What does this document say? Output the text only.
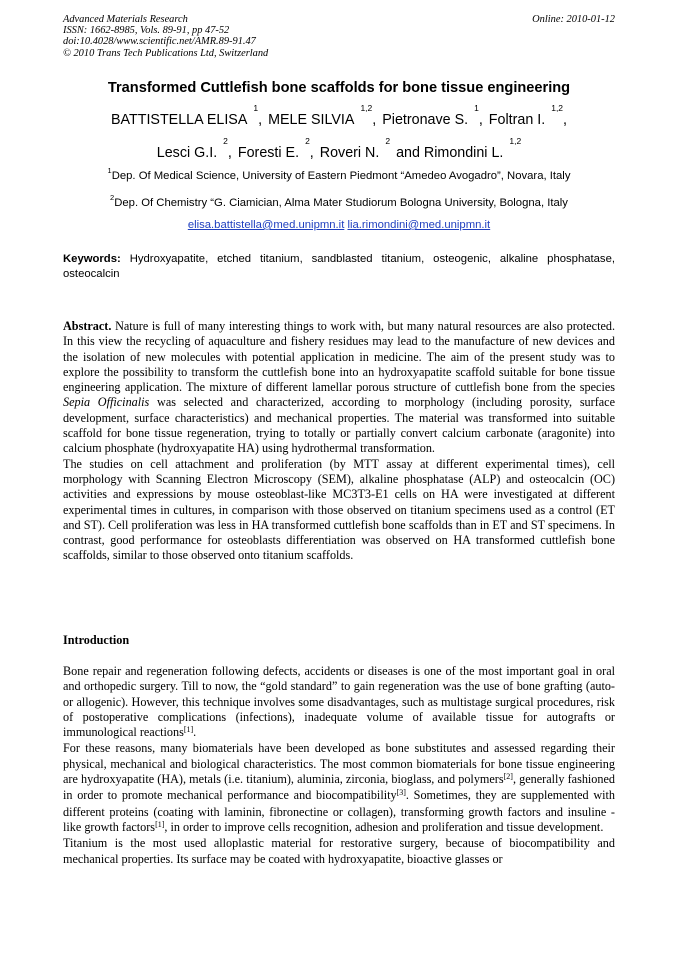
Advanced Materials Research
ISSN: 1662-8985, Vols. 89-91, pp 47-52
doi:10.4028/www.scientific.net/AMR.89-91.47
© 2010 Trans Tech Publications Ltd, Switzerland
Online: 2010-01-12
Transformed Cuttlefish bone scaffolds for bone tissue engineering
BATTISTELLA ELISA$^1$, MELE SILVIA$^{1,2}$, Pietronave S.$^1$, Foltran I.$^{1,2}$,
Lesci G.I.$^2$, Foresti E.$^2$, Roveri N.$^2$ and Rimondini L.$^{1,2}$
$^1$Dep. Of Medical Science, University of Eastern Piedmont “Amedeo Avogadro”, Novara, Italy
$^2$Dep. Of Chemistry “G. Ciamician, Alma Mater Studiorum Bologna University, Bologna, Italy
elisa.battistella@med.unipmn.it lia.rimondini@med.unipmn.it
Keywords: Hydroxyapatite, etched titanium, sandblasted titanium, osteogenic, alkaline phosphatase, osteocalcin

Abstract. Nature is full of many interesting things to work with, but many natural resources are also protected. In this view the recycling of aquaculture and fishery residues may lead to the manufacture of new devices and the isolation of new molecules with potential application in medicine. The aim of the present study was to explore the possibility to transform the cuttlefish bone into an hydroxyapatite scaffold suitable for bone tissue engineering application. The mixture of different lamellar porous structure of cuttlefish bone from the species Sepia Officinalis was selected and characterized, according to morphology (including porosity, surface development, surface characteristics) and mechanical properties. The material was transformed into suitable scaffold for bone tissue regeneration, trying to totally or partially convert calcium carbonate (aragonite) into calcium phosphate (hydroxyapatite HA) using hydrothermal transformation.

The studies on cell attachment and proliferation (by MTT assay at different experimental times), cell morphology with Scanning Electron Microscopy (SEM), alkaline phosphatase (ALP) and osteocalcin (OC) activities and expressions by mouse osteoblast-like MC3T3-E1 cells on HA were investigated at different experimental times in cultures, in comparison with those observed on titanium specimens used as a control (ET and ST). Cell proliferation was less in HA transformed cuttlefish bone scaffolds than in ET and ST specimens. In contrast, good performance for osteoblasts differentiation was observed on HA transformed cuttlefish bone scaffolds, similar to those observed onto titanium scaffolds.

Introduction

Bone repair and regeneration following defects, accidents or diseases is one of the most important goal in oral and orthopedic surgery. Till to now, the “gold standard” to gain regeneration was the use of bone grafting (auto- or allogenic). However, this technique involves some disadvantages, such as multistage surgical procedures, risk of postoperative complications (infections), inadequate volume of available tissue for autografts or immunological reactions[1].

For these reasons, many biomaterials have been developed as bone substitutes and assessed regarding their physical, mechanical and biological characteristics. The most common biomaterials for bone tissue engineering are hydroxyapatite (HA), metals (i.e. titanium), aluminia, zirconia, bioglass, and polymers[2], generally fashioned in order to promote mechanical performance and biocompatibility[3]. Sometimes, they are supplemented with different proteins (coating with laminin, fibronectine or collagen), transforming growth factors and insuline - like growth factors[1], in order to improve cells recognition, adhesion and proliferation and tissue development.

Titanium is the most used alloplastic material for restorative surgery, because of biocompatibility and mechanical properties. Its surface may be coated with hydroxyapatite, bioactive glasses or
